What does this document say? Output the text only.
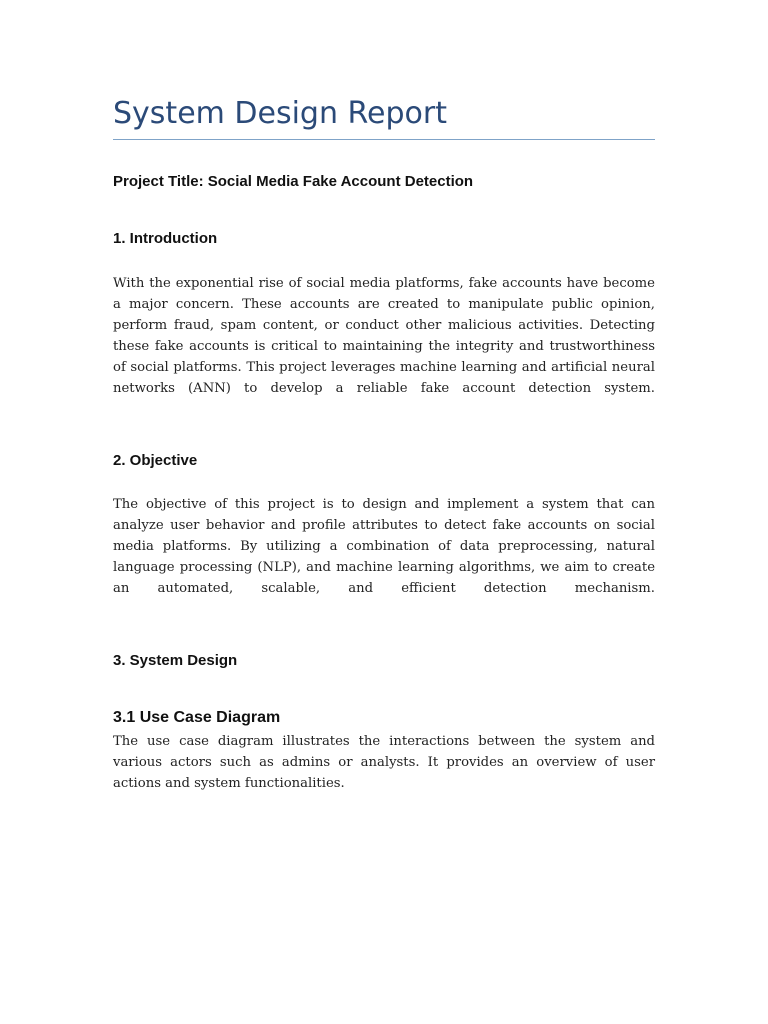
System Design Report

Project Title: Social Media Fake Account Detection

1. Introduction

With the exponential rise of social media platforms, fake accounts have become a major concern. These accounts are created to manipulate public opinion, perform fraud, spam content, or conduct other malicious activities. Detecting these fake accounts is critical to maintaining the integrity and trustworthiness of social platforms. This project leverages machine learning and artificial neural networks (ANN) to develop a reliable fake account detection system.

2. Objective

The objective of this project is to design and implement a system that can analyze user behavior and profile attributes to detect fake accounts on social media platforms. By utilizing a combination of data preprocessing, natural language processing (NLP), and machine learning algorithms, we aim to create an automated, scalable, and efficient detection mechanism.

3. System Design
3.1 Use Case Diagram

The use case diagram illustrates the interactions between the system and various actors such as admins or analysts. It provides an overview of user actions and system functionalities.
